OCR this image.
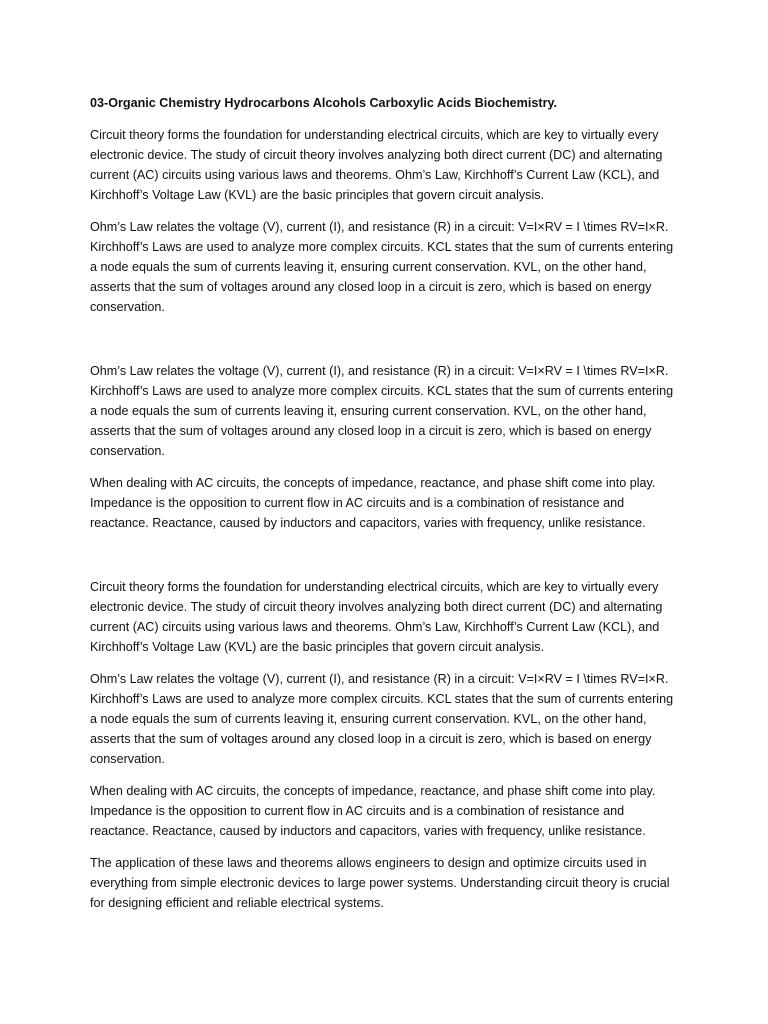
03-Organic Chemistry Hydrocarbons Alcohols Carboxylic Acids Biochemistry.

Circuit theory forms the foundation for understanding electrical circuits, which are key to virtually every electronic device. The study of circuit theory involves analyzing both direct current (DC) and alternating current (AC) circuits using various laws and theorems. Ohm’s Law, Kirchhoff’s Current Law (KCL), and Kirchhoff’s Voltage Law (KVL) are the basic principles that govern circuit analysis.

Ohm’s Law relates the voltage (V), current (I), and resistance (R) in a circuit: V=I×RV = I \times RV=I×R. Kirchhoff’s Laws are used to analyze more complex circuits. KCL states that the sum of currents entering a node equals the sum of currents leaving it, ensuring current conservation. KVL, on the other hand, asserts that the sum of voltages around any closed loop in a circuit is zero, which is based on energy conservation.

Ohm’s Law relates the voltage (V), current (I), and resistance (R) in a circuit: V=I×RV = I \times RV=I×R. Kirchhoff’s Laws are used to analyze more complex circuits. KCL states that the sum of currents entering a node equals the sum of currents leaving it, ensuring current conservation. KVL, on the other hand, asserts that the sum of voltages around any closed loop in a circuit is zero, which is based on energy conservation.

When dealing with AC circuits, the concepts of impedance, reactance, and phase shift come into play. Impedance is the opposition to current flow in AC circuits and is a combination of resistance and reactance. Reactance, caused by inductors and capacitors, varies with frequency, unlike resistance.

Circuit theory forms the foundation for understanding electrical circuits, which are key to virtually every electronic device. The study of circuit theory involves analyzing both direct current (DC) and alternating current (AC) circuits using various laws and theorems. Ohm’s Law, Kirchhoff’s Current Law (KCL), and Kirchhoff’s Voltage Law (KVL) are the basic principles that govern circuit analysis.

Ohm’s Law relates the voltage (V), current (I), and resistance (R) in a circuit: V=I×RV = I \times RV=I×R. Kirchhoff’s Laws are used to analyze more complex circuits. KCL states that the sum of currents entering a node equals the sum of currents leaving it, ensuring current conservation. KVL, on the other hand, asserts that the sum of voltages around any closed loop in a circuit is zero, which is based on energy conservation.

When dealing with AC circuits, the concepts of impedance, reactance, and phase shift come into play. Impedance is the opposition to current flow in AC circuits and is a combination of resistance and reactance. Reactance, caused by inductors and capacitors, varies with frequency, unlike resistance.

The application of these laws and theorems allows engineers to design and optimize circuits used in everything from simple electronic devices to large power systems. Understanding circuit theory is crucial for designing efficient and reliable electrical systems.
